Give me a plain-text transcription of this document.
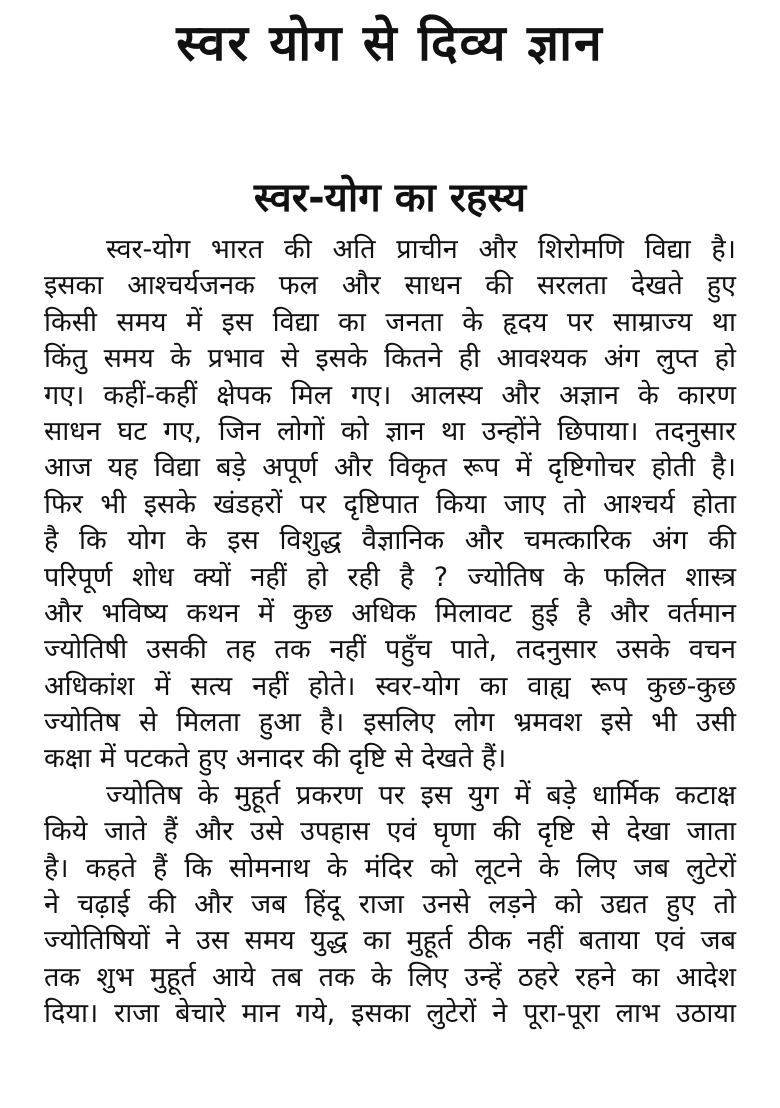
स्वर योग से दिव्य ज्ञान
स्वर-योग का रहस्य
स्वर-योग भारत की अति प्राचीन और शिरोमणि विद्या है।
इसका आश्चर्यजनक फल और साधन की सरलता देखते हुए
किसी समय में इस विद्या का जनता के हृदय पर साम्राज्य था
किंतु समय के प्रभाव से इसके कितने ही आवश्यक अंग लुप्त हो
गए। कहीं-कहीं क्षेपक मिल गए। आलस्य और अज्ञान के कारण
साधन घट गए, जिन लोगों को ज्ञान था उन्होंने छिपाया। तदनुसार
आज यह विद्या बड़े अपूर्ण और विकृत रूप में दृष्टिगोचर होती है।
फिर भी इसके खंडहरों पर दृष्टिपात किया जाए तो आश्चर्य होता
है कि योग के इस विशुद्ध वैज्ञानिक और चमत्कारिक अंग की
परिपूर्ण शोध क्यों नहीं हो रही है ? ज्योतिष के फलित शास्त्र
और भविष्य कथन में कुछ अधिक मिलावट हुई है और वर्तमान
ज्योतिषी उसकी तह तक नहीं पहुँच पाते, तदनुसार उसके वचन
अधिकांश में सत्य नहीं होते। स्वर-योग का वाह्य रूप कुछ-कुछ
ज्योतिष से मिलता हुआ है। इसलिए लोग भ्रमवश इसे भी उसी
कक्षा में पटकते हुए अनादर की दृष्टि से देखते हैं।
ज्योतिष के मुहूर्त प्रकरण पर इस युग में बड़े धार्मिक कटाक्ष
किये जाते हैं और उसे उपहास एवं घृणा की दृष्टि से देखा जाता
है। कहते हैं कि सोमनाथ के मंदिर को लूटने के लिए जब लुटेरों
ने चढ़ाई की और जब हिंदू राजा उनसे लड़ने को उद्यत हुए तो
ज्योतिषियों ने उस समय युद्ध का मुहूर्त ठीक नहीं बताया एवं जब
तक शुभ मुहूर्त आये तब तक के लिए उन्हें ठहरे रहने का आदेश
दिया। राजा बेचारे मान गये, इसका लुटेरों ने पूरा-पूरा लाभ उठाया
